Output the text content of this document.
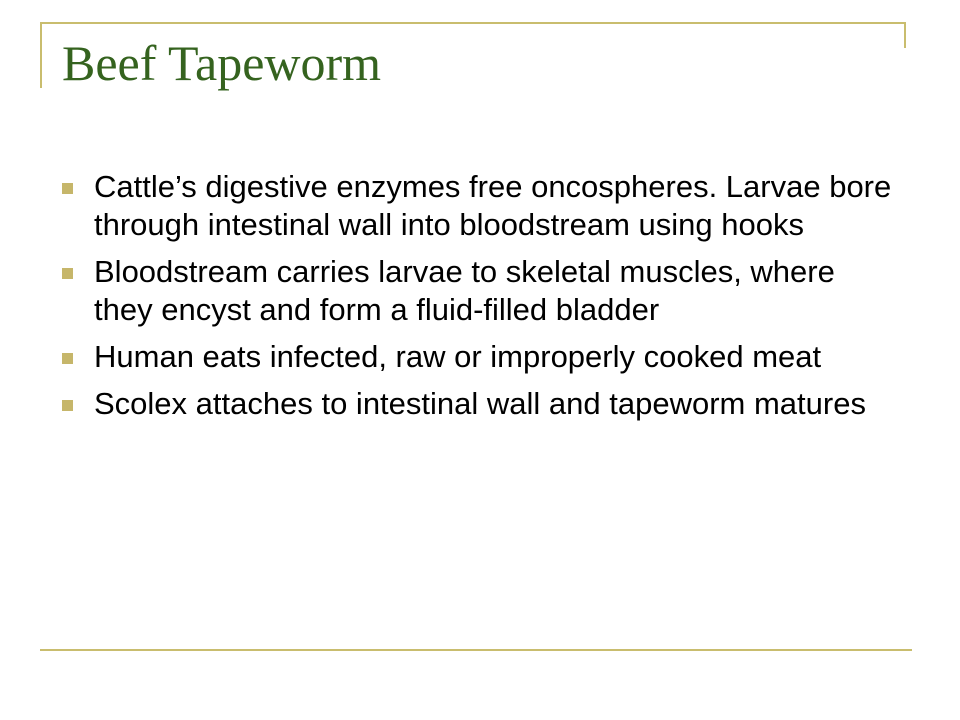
Beef Tapeworm
Cattle’s digestive enzymes free oncospheres. Larvae bore through intestinal wall into bloodstream using hooks
Bloodstream carries larvae to skeletal muscles, where they encyst and form a fluid-filled bladder
Human eats infected, raw or improperly cooked meat
Scolex attaches to intestinal wall and tapeworm matures
